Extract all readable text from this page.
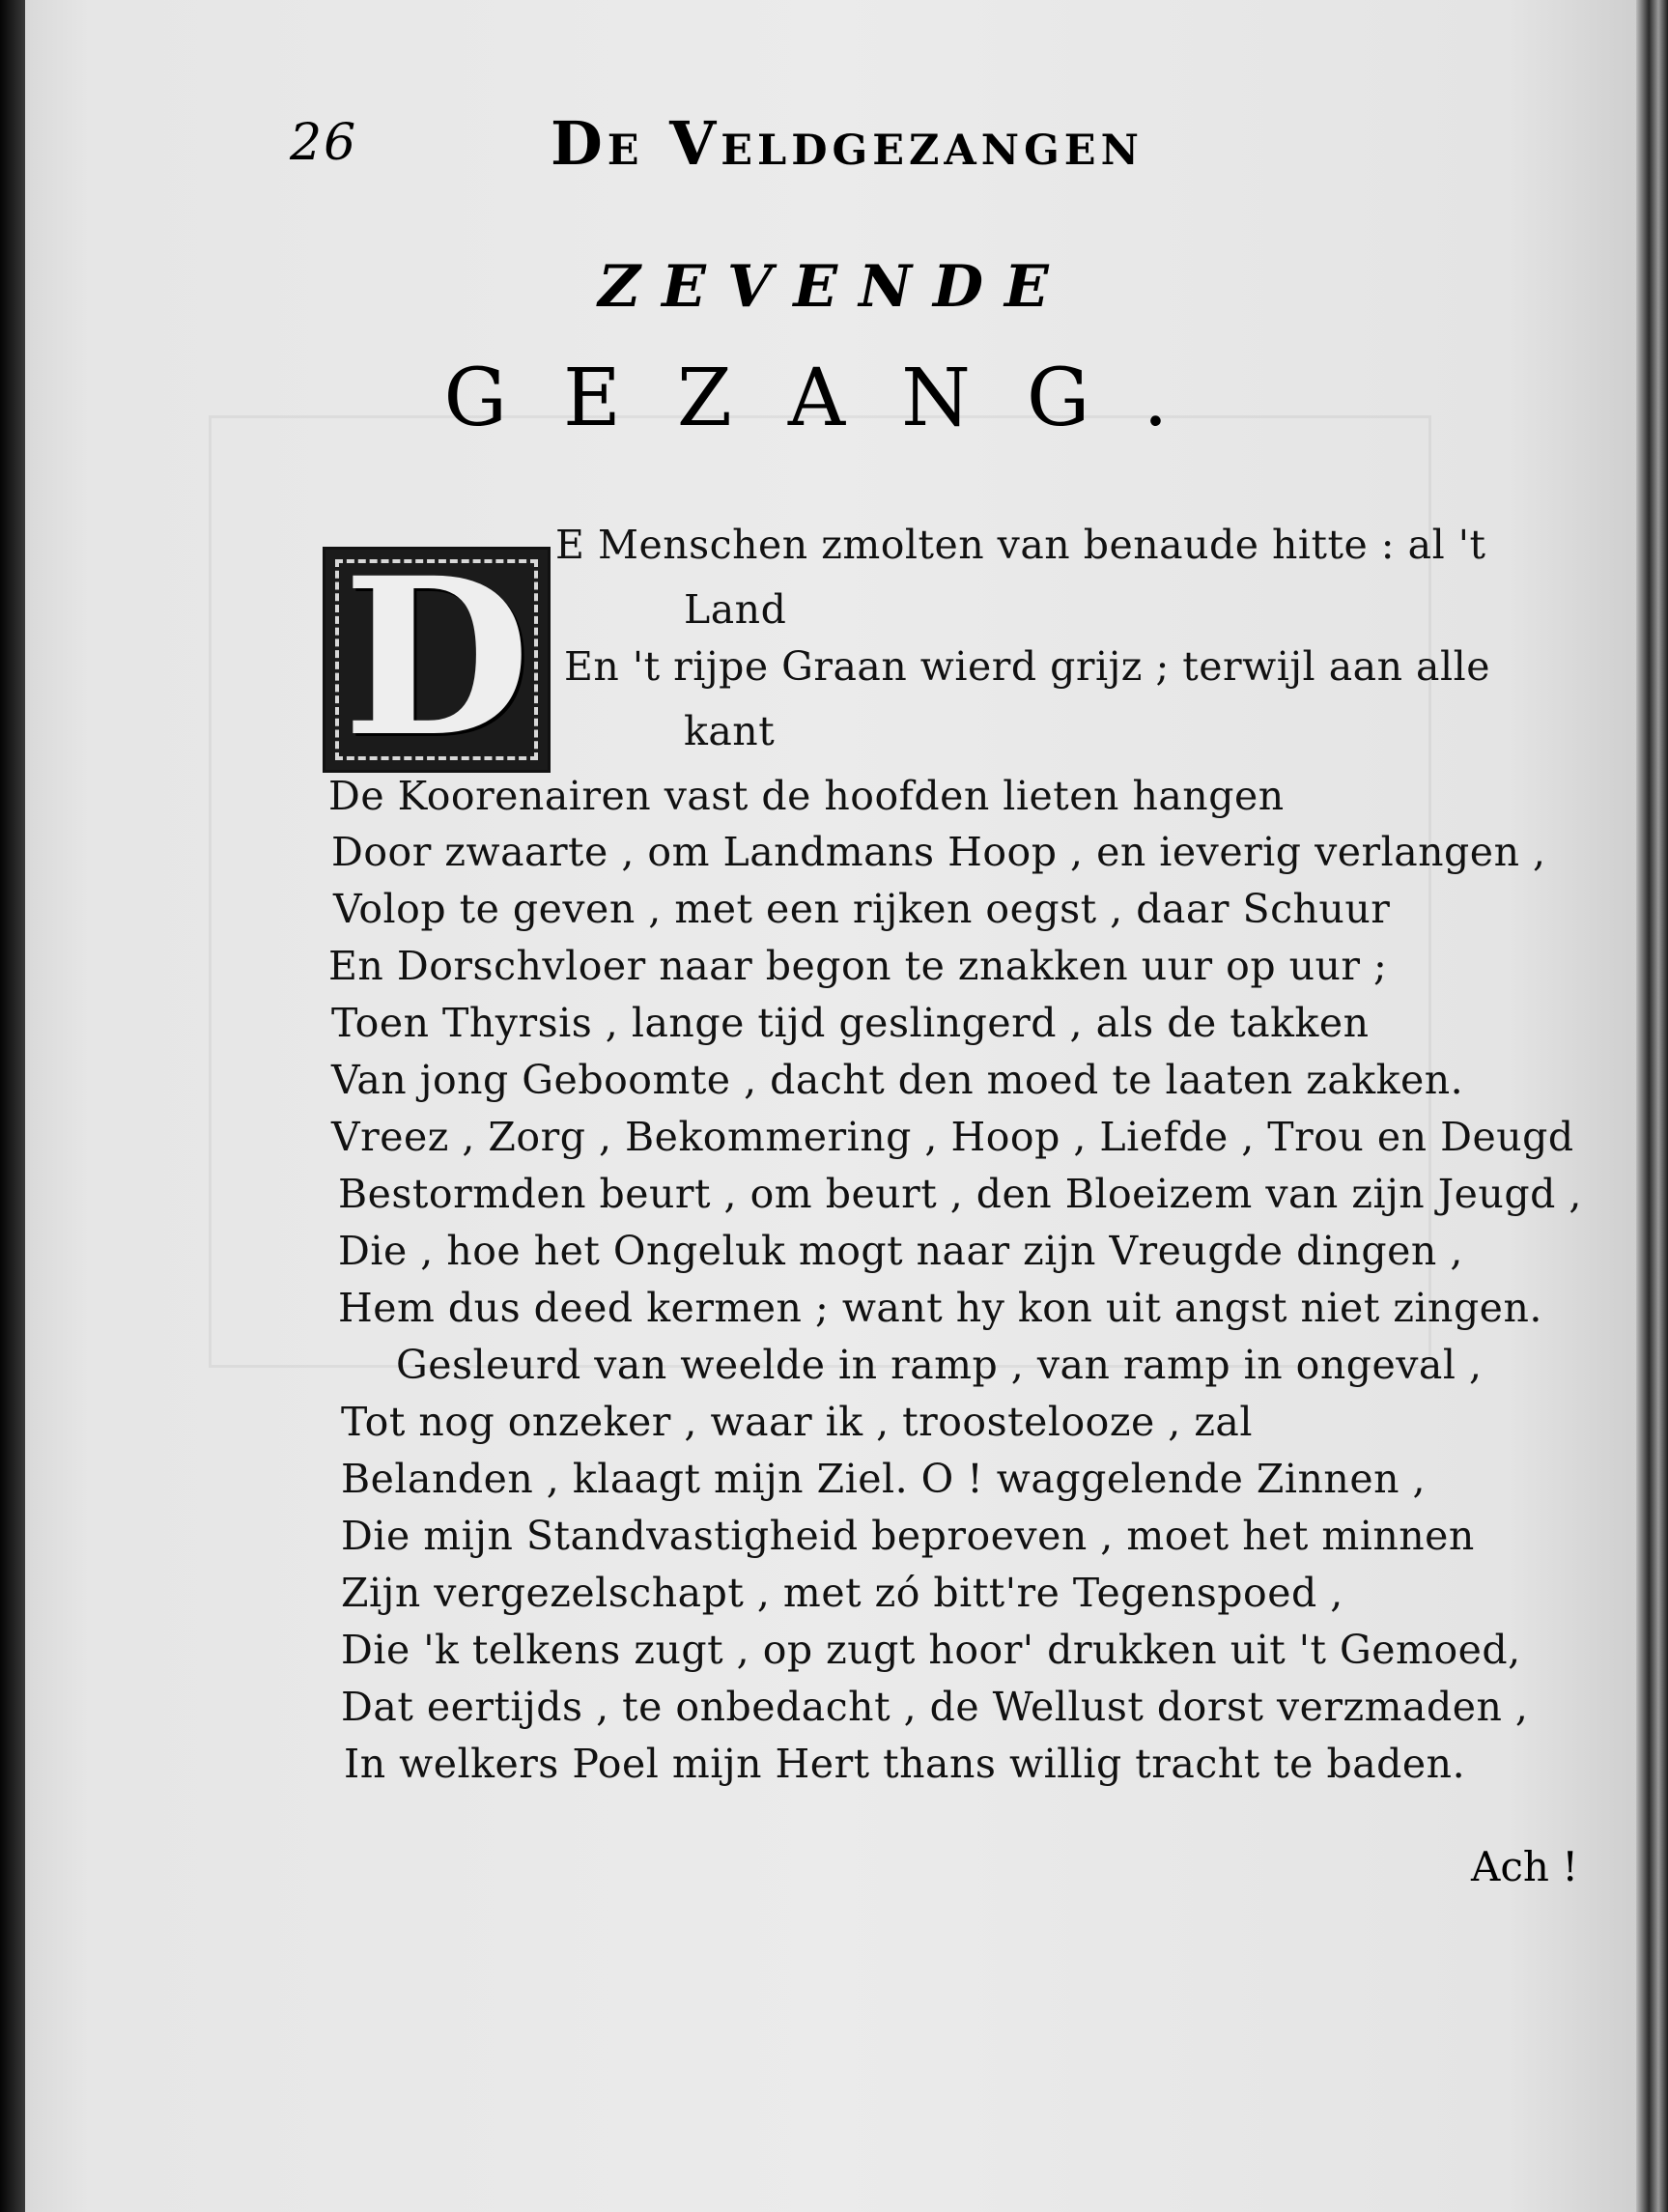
26	De Veldgezangen
ZEVENDE
GEZANG.
D E Menschen zmolten van benaude hitte : al 't
Land
En 't rijpe Graan wierd grijz ; terwijl aan alle
kant
De Koorenairen vast de hoofden lieten hangen
Door zwaarte , om Landmans Hoop , en ieverig verlangen ,
Volop te geven , met een rijken oegst , daar Schuur
En Dorschvloer naar begon te znakken uur op uur ;
Toen Thyrsis , lange tijd geslingerd , als de takken
Van jong Geboomte , dacht den moed te laaten zakken.
Vreez , Zorg , Bekommering , Hoop , Liefde , Trou en Deugd
Bestormden beurt , om beurt , den Bloeizem van zijn Jeugd ,
Die , hoe het Ongeluk mogt naar zijn Vreugde dingen ,
Hem dus deed kermen ; want hy kon uit angst niet zingen.
Gesleurd van weelde in ramp , van ramp in ongeval ,
Tot nog onzeker , waar ik , troostelooze , zal
Belanden , klaagt mijn Ziel. O ! waggelende Zinnen ,
Die mijn Standvastigheid beproeven , moet het minnen
Zijn vergezelschapt , met zó bitt're Tegenspoed ,
Die 'k telkens zugt , op zugt hoor' drukken uit 't Gemoed,
Dat eertijds , te onbedacht , de Wellust dorst verzmaden ,
In welkers Poel mijn Hert thans willig tracht te baden.
Ach !
